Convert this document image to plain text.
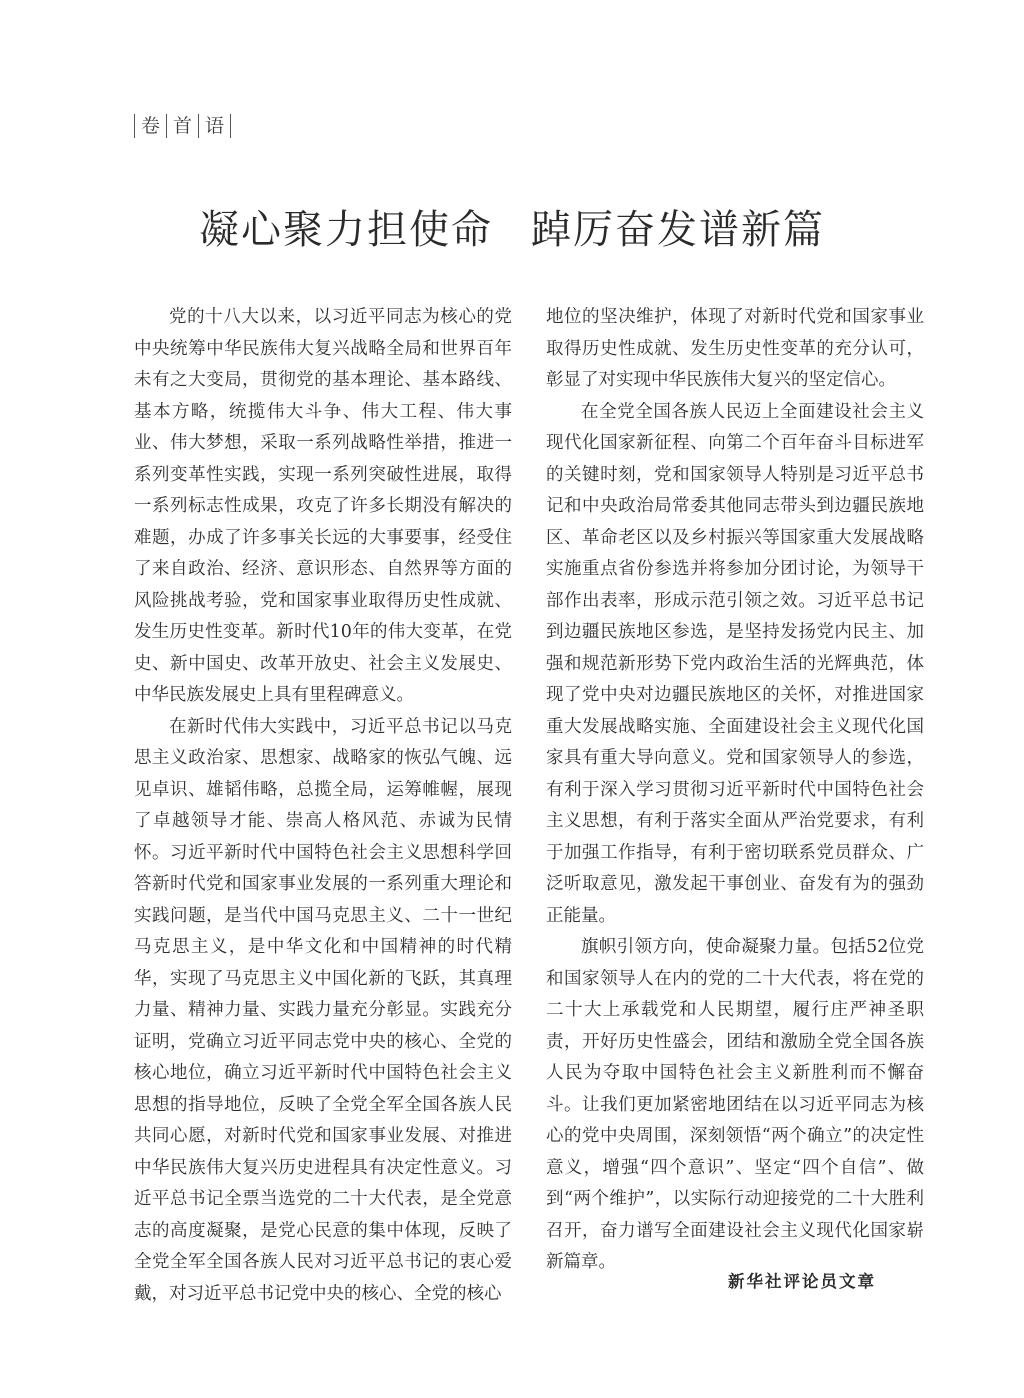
卷 首 语
凝心聚力担使命 踔厉奋发谱新篇

党的十八大以来，以习近平同志为核心的党中央统筹中华民族伟大复兴战略全局和世界百年未有之大变局，贯彻党的基本理论、基本路线、基本方略，统揽伟大斗争、伟大工程、伟大事业、伟大梦想，采取一系列战略性举措，推进一系列变革性实践，实现一系列突破性进展，取得一系列标志性成果，攻克了许多长期没有解决的难题，办成了许多事关长远的大事要事，经受住了来自政治、经济、意识形态、自然界等方面的风险挑战考验，党和国家事业取得历史性成就、发生历史性变革。新时代10年的伟大变革，在党史、新中国史、改革开放史、社会主义发展史、中华民族发展史上具有里程碑意义。

在新时代伟大实践中，习近平总书记以马克思主义政治家、思想家、战略家的恢弘气魄、远见卓识、雄韬伟略，总揽全局，运筹帷幄，展现了卓越领导才能、崇高人格风范、赤诚为民情怀。习近平新时代中国特色社会主义思想科学回答新时代党和国家事业发展的一系列重大理论和实践问题，是当代中国马克思主义、二十一世纪马克思主义，是中华文化和中国精神的时代精华，实现了马克思主义中国化新的飞跃，其真理力量、精神力量、实践力量充分彰显。实践充分证明，党确立习近平同志党中央的核心、全党的核心地位，确立习近平新时代中国特色社会主义思想的指导地位，反映了全党全军全国各族人民共同心愿，对新时代党和国家事业发展、对推进中华民族伟大复兴历史进程具有决定性意义。习近平总书记全票当选党的二十大代表，是全党意志的高度凝聚，是党心民意的集中体现，反映了全党全军全国各族人民对习近平总书记的衷心爱戴，对习近平总书记党中央的核心、全党的核心

地位的坚决维护，体现了对新时代党和国家事业取得历史性成就、发生历史性变革的充分认可，彰显了对实现中华民族伟大复兴的坚定信心。

在全党全国各族人民迈上全面建设社会主义现代化国家新征程、向第二个百年奋斗目标进军的关键时刻，党和国家领导人特别是习近平总书记和中央政治局常委其他同志带头到边疆民族地区、革命老区以及乡村振兴等国家重大发展战略实施重点省份参选并将参加分团讨论，为领导干部作出表率，形成示范引领之效。习近平总书记到边疆民族地区参选，是坚持发扬党内民主、加强和规范新形势下党内政治生活的光辉典范，体现了党中央对边疆民族地区的关怀，对推进国家重大发展战略实施、全面建设社会主义现代化国家具有重大导向意义。党和国家领导人的参选，有利于深入学习贯彻习近平新时代中国特色社会主义思想，有利于落实全面从严治党要求，有利于加强工作指导，有利于密切联系党员群众、广泛听取意见，激发起干事创业、奋发有为的强劲正能量。

旗帜引领方向，使命凝聚力量。包括52位党和国家领导人在内的党的二十大代表，将在党的二十大上承载党和人民期望，履行庄严神圣职责，开好历史性盛会，团结和激励全党全国各族人民为夺取中国特色社会主义新胜利而不懈奋斗。让我们更加紧密地团结在以习近平同志为核心的党中央周围，深刻领悟“两个确立”的决定性意义，增强“四个意识”、坚定“四个自信”、做到“两个维护”，以实际行动迎接党的二十大胜利召开，奋力谱写全面建设社会主义现代化国家崭新篇章。

新华社评论员文章
